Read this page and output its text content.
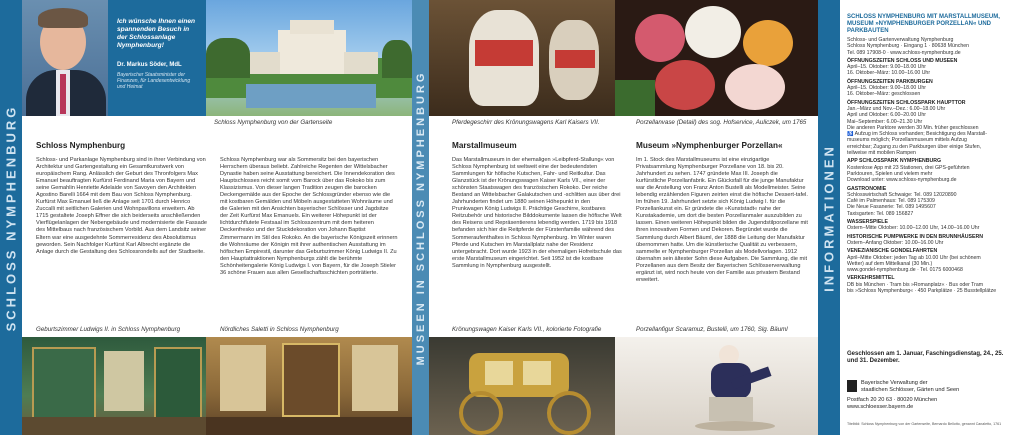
SCHLOSS NYMPHENBURG	MUSEEN IN SCHLOSS NYMPHENBURG	INFORMATIONEN
Ich wünsche Ihnen einen spannenden Besuch in der Schlossanlage Nymphenburg!
Dr. Markus Söder, MdL
Bayerischer Staatsminister der Finanzen, für Landesentwicklung und Heimat
Schloss Nymphenburg von der Gartenseite
Schloss Nymphenburg
Schloss- und Parkanlage Nymphenburg sind in ihrer Verbindung von Architektur und Gartengestaltung ein Gesamtkunstwerk von europäischem Rang. Anlässlich der Geburt des Thronfolgers Max Emanuel beauftragten Kurfürst Ferdinand Maria von Bayern und seine Gemahlin Henriette Adelaide von Savoyen den Architekten Agostino Barelli 1664 mit dem Bau von Schloss Nymphenburg. Kurfürst Max Emanuel ließ die Anlage seit 1701 durch Henrico Zuccalli mit seitlichen Galerien und Wohnpavillons erweitern. Ab 1715 gestaltete Joseph Effner die sich beiderseits anschließenden Vierflügelanlagen der Nebengebäude und modernisierte die Fassade des Mittelbaus nach französischem Vorbild. Aus dem Landsitz seiner Eltern war eine ausgedehnte Sommerresidenz des Absolutismus geworden. Sein Nachfolger Kurfürst Karl Albrecht ergänzte die Anlage durch die Gestaltung des Schlossrondells auf der Stadtseite.
Schloss Nymphenburg war als Sommersitz bei den bayerischen Herrschern überaus beliebt. Zahlreiche Regenten der Wittelsbacher Dynastie haben seine Ausstattung bereichert. Die Innendekoration des Hauptschlosses reicht somit vom Barock über das Rokoko bis zum Klassizismus. Von dieser langen Tradition zeugen die barocken Deckengemälde aus der Epoche der Schlossgründer ebenso wie die mit kostbaren Gemälden und Möbeln ausgestatteten Wohnräume und die Galerien mit den Ansichten bayerischer Schlösser und Jagdsitze der Zeit Kurfürst Max Emanuels. Ein weiterer Höhepunkt ist der lichtdurchflutete Festsaal im Schlosszentrum mit dem heiteren Deckenfresko und der Stuckdekoration von Johann Baptist Zimmermann im Stil des Rokoko. An die bayerische Königszeit erinnern die Wohnräume der Königin mit ihrer authentischen Ausstattung im höfischen Empirestil, darunter das Geburtszimmer König Ludwigs II. Zu den Hauptattraktionen Nymphenburgs zählt die berühmte Schönheitengalerie König Ludwigs I. von Bayern, für die Joseph Stieler 36 schöne Frauen aus allen Gesellschaftsschichten porträtierte.
Geburtszimmer Ludwigs II. in Schloss Nymphenburg	Nördliches Saletti in Schloss Nymphenburg
Pferdegeschirr des Krönungswagens Karl Kaisers VII.	Porzellanvase (Detail) des sog. Hofservice, Auliczek, um 1765
Marstallmuseum
Das Marstallmuseum in der ehemaligen »Leibpferd-Stallung« von Schloss Nymphenburg ist weltweit eine der bedeutendsten Sammlungen für höfische Kutschen, Fahr- und Reitkultur. Das Glanzstück ist der Krönungswagen Kaiser Karls VII., einer der schönsten Staatswagen des französischen Rokoko. Der reiche Bestand an Wittelsbacher Galakutschen und -schlitten aus über drei Jahrhunderten findet um 1880 seinen Höhepunkt in den Prunkwagen König Ludwigs II. Prächtige Geschirre, kostbares Reitzubehör und historische Bilddokumente lassen die höfische Welt des Reisens und Repräsentierens lebendig werden. 1719 bis 1918 befanden sich hier die Reitpferde der Fürstenfamilie während des Sommeraufenthaltes in Schloss Nymphenburg. Im Winter waren Pferde und Kutschen im Marstallplatz nahe der Residenz untergebracht. Dort wurde 1923 in der ehemaligen Hofreitschule das erste Marstallmuseum eingerichtet. Seit 1952 ist die kostbare Sammlung in Nymphenburg ausgestellt.
Museum »Nymphenburger Porzellan«
Im 1. Stock des Marstallmuseums ist eine einzigartige Privatsammlung Nymphenburger Porzellane von 18. bis 20. Jahrhundert zu sehen. 1747 gründete Max III. Joseph die kurfürstliche Porzellanfabrik. Ein Glücksfall für die junge Manufaktur war die Anstellung von Franz Anton Bustelli als Modellmeister. Seine lebendig erzählenden Figuren zeirten einst die höfische Dessert-tafel. Im frühen 19. Jahrhundert setzte sich König Ludwig I. für die Porzellankunst ein. Er gründete die »Kunststadt« nahe der Kunstakademie, um dort die besten Porzellanmaler auszubilden zu lassen. Einen weiteren Höhepunkt bilden die Jugendstilporzellane mit ihren innovativen Formen und Dekoren. Begründet wurde die Sammlung durch Albert Bäuml, der 1888 die Leitung der Manufaktur übernommen hatte. Um die künstlerische Qualität zu verbessern, sammelte er Nymphenburger Porzellan als Modellvorlagen. 1912 übernahm sein ältester Sohn diese Aufgaben. Die Sammlung, die mit Porzellanen aus dem Besitz der Bayerischen Schlösserverwaltung ergänzt ist, wird noch heute von der Familie aus privatem Bestand erweitert.
Krönungswagen Kaiser Karls VII., kolorierte Fotografie	Porzellanfigur Scaramuz, Bustelli, um 1760, Slg. Bäuml
SCHLOSS NYMPHENBURG MIT MARSTALLMUSEUM, MUSEUM »NYMPHENBURGER PORZELLAN« UND PARKBAUTEN
Schloss- und Gartenverwaltung Nymphenburg
Schloss Nymphenburg · Eingang 1 · 80638 München
Tel. 089 17908-0 · www.schloss-nymphenburg.de
ÖFFNUNGSZEITEN SCHLOSS UND MUSEEN
April–15. Oktober: 9.00–18.00 Uhr
16. Oktober–März: 10.00–16.00 Uhr
ÖFFNUNGSZEITEN PARKBURGEN
April–15. Oktober: 9.00–18.00 Uhr
16. Oktober–März: geschlossen
ÖFFNUNGSZEITEN SCHLOSSPARK HAUPTTOR
Jan.–März und Nov.–Dez.: 6.00–18.00 Uhr
April und Oktober: 6.00–20.00 Uhr
Mai–September: 6.00–21.30 Uhr
Die anderen Parktore werden 30 Min. früher geschlossen
♿ Aufzug im Schloss vorhanden; Besichtigung des Marstall-
museums möglich; Porzellanmuseum mittels Aufzug
erreichbar; Zugang zu den Parkburgen über einige Stufen,
teilweise mit mobilen Rampen
APP SCHLOSSPARK NYMPHENBURG
Kostenlose App mit 23 Stationen, drei GPS-geführten
Parktouren, Spielen und vielem mehr
Download unter: www.schloss-nymphenburg.de
GASTRONOMIE
Schlosswirtschaft Schwaige: Tel. 089 12020890
Café im Palmenhaus: Tel. 089 175309
Die Neue Fasanerie: Tel. 089 1495607
Taxisgarten: Tel. 089 156827
WASSERSPIELE
Ostern–Mitte Oktober: 10.00–12.00 Uhr, 14.00–16.00 Uhr
HISTORISCHE PUMPWERKE IN DEN BRUNNHÄUSERN
Ostern–Anfang Oktober: 10.00–16.00 Uhr
VENEZIANISCHE GONDELFAHRTEN
April–Mitte Oktober: jeden Tag ab 10.00 Uhr (bei schönem
Wetter) auf dem Mittelkanal (30 Min.)
www.gondel-nymphenburg.de · Tel. 0175 6000468
VERKEHRSMITTEL
DB bis München · Tram bis »Romanplatz« · Bus oder Tram
bis »Schloss Nymphenburg« · 450 Parkplätze · 25 Busstellplätze
Geschlossen am 1. Januar, Faschingsdienstag, 24., 25. und 31. Dezember.
Bayerische Verwaltung der
staatlichen Schlösser, Gärten und Seen
Postfach 20 20 63 · 80020 München
www.schloesser.bayern.de
Titelbild: Schloss Nymphenburg von der Gartenseite, Bernardo Bellotto, genannt Canaletto, 1761
